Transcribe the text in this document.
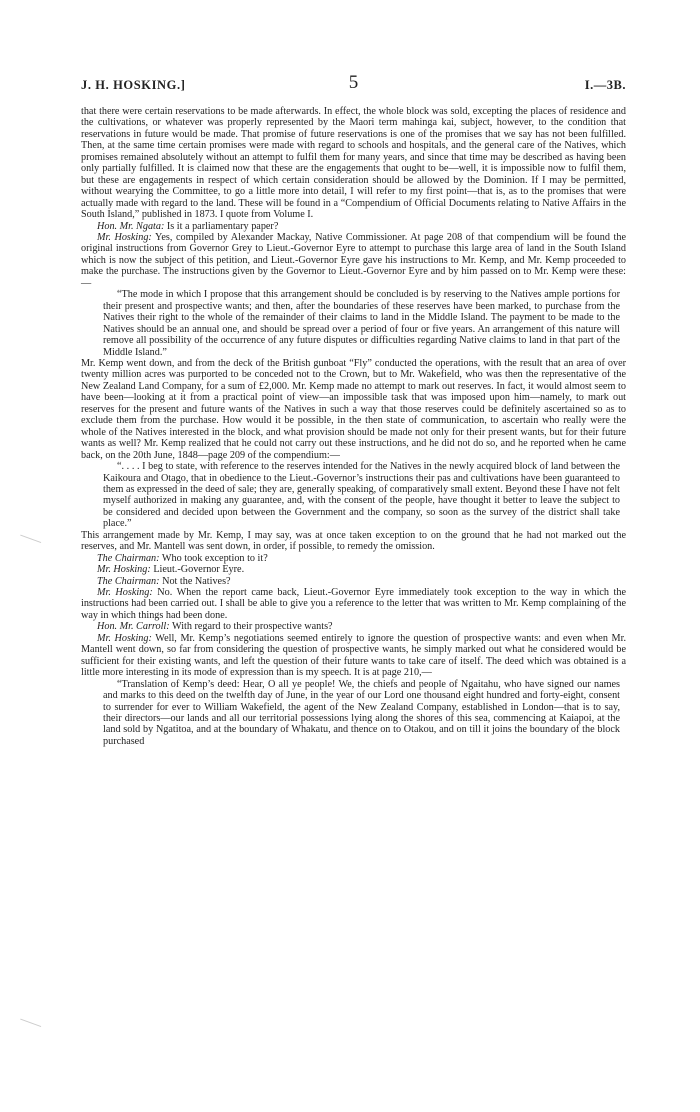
J. H. HOSKING.]	5	I.—3B.

that there were certain reservations to be made afterwards. In effect, the whole block was sold, excepting the places of residence and the cultivations, or whatever was properly represented by the Maori term mahinga kai, subject, however, to the condition that reservations in future would be made. That promise of future reservations is one of the promises that we say has not been fulfilled. Then, at the same time certain promises were made with regard to schools and hospitals, and the general care of the Natives, which promises remained absolutely without an attempt to fulfil them for many years, and since that time may be described as having been only partially fulfilled. It is claimed now that these are the engagements that ought to be—well, it is impossible now to fulfil them, but these are engagements in respect of which certain consideration should be allowed by the Dominion. If I may be permitted, without wearying the Committee, to go a little more into detail, I will refer to my first point—that is, as to the promises that were actually made with regard to the land. These will be found in a “Compendium of Official Documents relating to Native Affairs in the South Island,” published in 1873. I quote from Volume I.

Hon. Mr. Ngata: Is it a parliamentary paper?

Mr. Hosking: Yes, compiled by Alexander Mackay, Native Commissioner. At page 208 of that compendium will be found the original instructions from Governor Grey to Lieut.-Governor Eyre to attempt to purchase this large area of land in the South Island which is now the subject of this petition, and Lieut.-Governor Eyre gave his instructions to Mr. Kemp, and Mr. Kemp proceeded to make the purchase. The instructions given by the Governor to Lieut.-Governor Eyre and by him passed on to Mr. Kemp were these:—

“The mode in which I propose that this arrangement should be concluded is by reserving to the Natives ample portions for their present and prospective wants; and then, after the boundaries of these reserves have been marked, to purchase from the Natives their right to the whole of the remainder of their claims to land in the Middle Island. The payment to be made to the Natives should be an annual one, and should be spread over a period of four or five years. An arrangement of this nature will remove all possibility of the occurrence of any future disputes or difficulties regarding Native claims to land in that part of the Middle Island.”

Mr. Kemp went down, and from the deck of the British gunboat “Fly” conducted the operations, with the result that an area of over twenty million acres was purported to be conceded not to the Crown, but to Mr. Wakefield, who was then the representative of the New Zealand Land Company, for a sum of £2,000. Mr. Kemp made no attempt to mark out reserves. In fact, it would almost seem to have been—looking at it from a practical point of view—an impossible task that was imposed upon him—namely, to mark out reserves for the present and future wants of the Natives in such a way that those reserves could be definitely ascertained so as to exclude them from the purchase. How would it be possible, in the then state of communication, to ascertain who really were the whole of the Natives interested in the block, and what provision should be made not only for their present wants, but for their future wants as well? Mr. Kemp realized that he could not carry out these instructions, and he did not do so, and he reported when he came back, on the 20th June, 1848—page 209 of the compendium:—

“. . . . I beg to state, with reference to the reserves intended for the Natives in the newly acquired block of land between the Kaikoura and Otago, that in obedience to the Lieut.-Governor’s instructions their pas and cultivations have been guaranteed to them as expressed in the deed of sale; they are, generally speaking, of comparatively small extent. Beyond these I have not felt myself authorized in making any guarantee, and, with the consent of the people, have thought it better to leave the subject to be considered and decided upon between the Government and the company, so soon as the survey of the district shall take place.”

This arrangement made by Mr. Kemp, I may say, was at once taken exception to on the ground that he had not marked out the reserves, and Mr. Mantell was sent down, in order, if possible, to remedy the omission.

The Chairman: Who took exception to it?

Mr. Hosking: Lieut.-Governor Eyre.

The Chairman: Not the Natives?

Mr. Hosking: No. When the report came back, Lieut.-Governor Eyre immediately took exception to the way in which the instructions had been carried out. I shall be able to give you a reference to the letter that was written to Mr. Kemp complaining of the way in which things had been done.

Hon. Mr. Carroll: With regard to their prospective wants?

Mr. Hosking: Well, Mr. Kemp’s negotiations seemed entirely to ignore the question of prospective wants: and even when Mr. Mantell went down, so far from considering the question of prospective wants, he simply marked out what he considered would be sufficient for their existing wants, and left the question of their future wants to take care of itself. The deed which was obtained is a little more interesting in its mode of expression than is my speech. It is at page 210,—

“Translation of Kemp’s deed: Hear, O all ye people! We, the chiefs and people of Ngaitahu, who have signed our names and marks to this deed on the twelfth day of June, in the year of our Lord one thousand eight hundred and forty-eight, consent to surrender for ever to William Wakefield, the agent of the New Zealand Company, established in London—that is to say, their directors—our lands and all our territorial possessions lying along the shores of this sea, commencing at Kaiapoi, at the land sold by Ngatitoa, and at the boundary of Whakatu, and thence on to Otakou, and on till it joins the boundary of the block purchased
